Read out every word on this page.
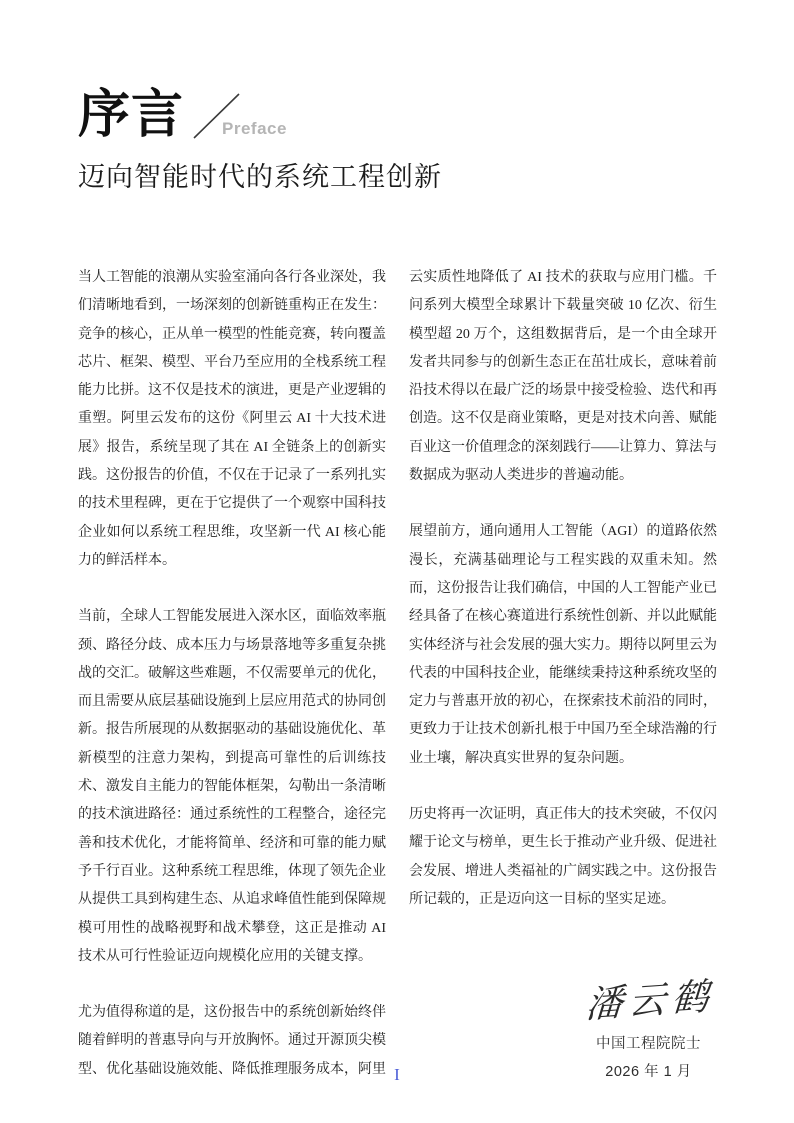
序言 Preface
迈向智能时代的系统工程创新

当人工智能的浪潮从实验室涌向各行各业深处，我们清晰地看到，一场深刻的创新链重构正在发生：竞争的核心，正从单一模型的性能竞赛，转向覆盖芯片、框架、模型、平台乃至应用的全栈系统工程能力比拼。这不仅是技术的演进，更是产业逻辑的重塑。阿里云发布的这份《阿里云 AI 十大技术进展》报告，系统呈现了其在 AI 全链条上的创新实践。这份报告的价值，不仅在于记录了一系列扎实的技术里程碑，更在于它提供了一个观察中国科技企业如何以系统工程思维，攻坚新一代 AI 核心能力的鲜活样本。

当前，全球人工智能发展进入深水区，面临效率瓶颈、路径分歧、成本压力与场景落地等多重复杂挑战的交汇。破解这些难题，不仅需要单元的优化，而且需要从底层基础设施到上层应用范式的协同创新。报告所展现的从数据驱动的基础设施优化、革新模型的注意力架构，到提高可靠性的后训练技术、激发自主能力的智能体框架，勾勒出一条清晰的技术演进路径：通过系统性的工程整合，途径完善和技术优化，才能将简单、经济和可靠的能力赋予千行百业。这种系统工程思维，体现了领先企业从提供工具到构建生态、从追求峰值性能到保障规模可用性的战略视野和战术攀登，这正是推动 AI 技术从可行性验证迈向规模化应用的关键支撑。

尤为值得称道的是，这份报告中的系统创新始终伴随着鲜明的普惠导向与开放胸怀。通过开源顶尖模型、优化基础设施效能、降低推理服务成本，阿里

云实质性地降低了 AI 技术的获取与应用门槛。千问系列大模型全球累计下载量突破 10 亿次、衍生模型超 20 万个，这组数据背后，是一个由全球开发者共同参与的创新生态正在茁壮成长，意味着前沿技术得以在最广泛的场景中接受检验、迭代和再创造。这不仅是商业策略，更是对技术向善、赋能百业这一价值理念的深刻践行——让算力、算法与数据成为驱动人类进步的普遍动能。

展望前方，通向通用人工智能（AGI）的道路依然漫长，充满基础理论与工程实践的双重未知。然而，这份报告让我们确信，中国的人工智能产业已经具备了在核心赛道进行系统性创新、并以此赋能实体经济与社会发展的强大实力。期待以阿里云为代表的中国科技企业，能继续秉持这种系统攻坚的定力与普惠开放的初心，在探索技术前沿的同时，更致力于让技术创新扎根于中国乃至全球浩瀚的行业土壤，解决真实世界的复杂问题。

历史将再一次证明，真正伟大的技术突破，不仅闪耀于论文与榜单，更生长于推动产业升级、促进社会发展、增进人类福祉的广阔实践之中。这份报告所记载的，正是迈向这一目标的坚实足迹。

潘云鹤
中国工程院院士
2026 年 1 月
I
